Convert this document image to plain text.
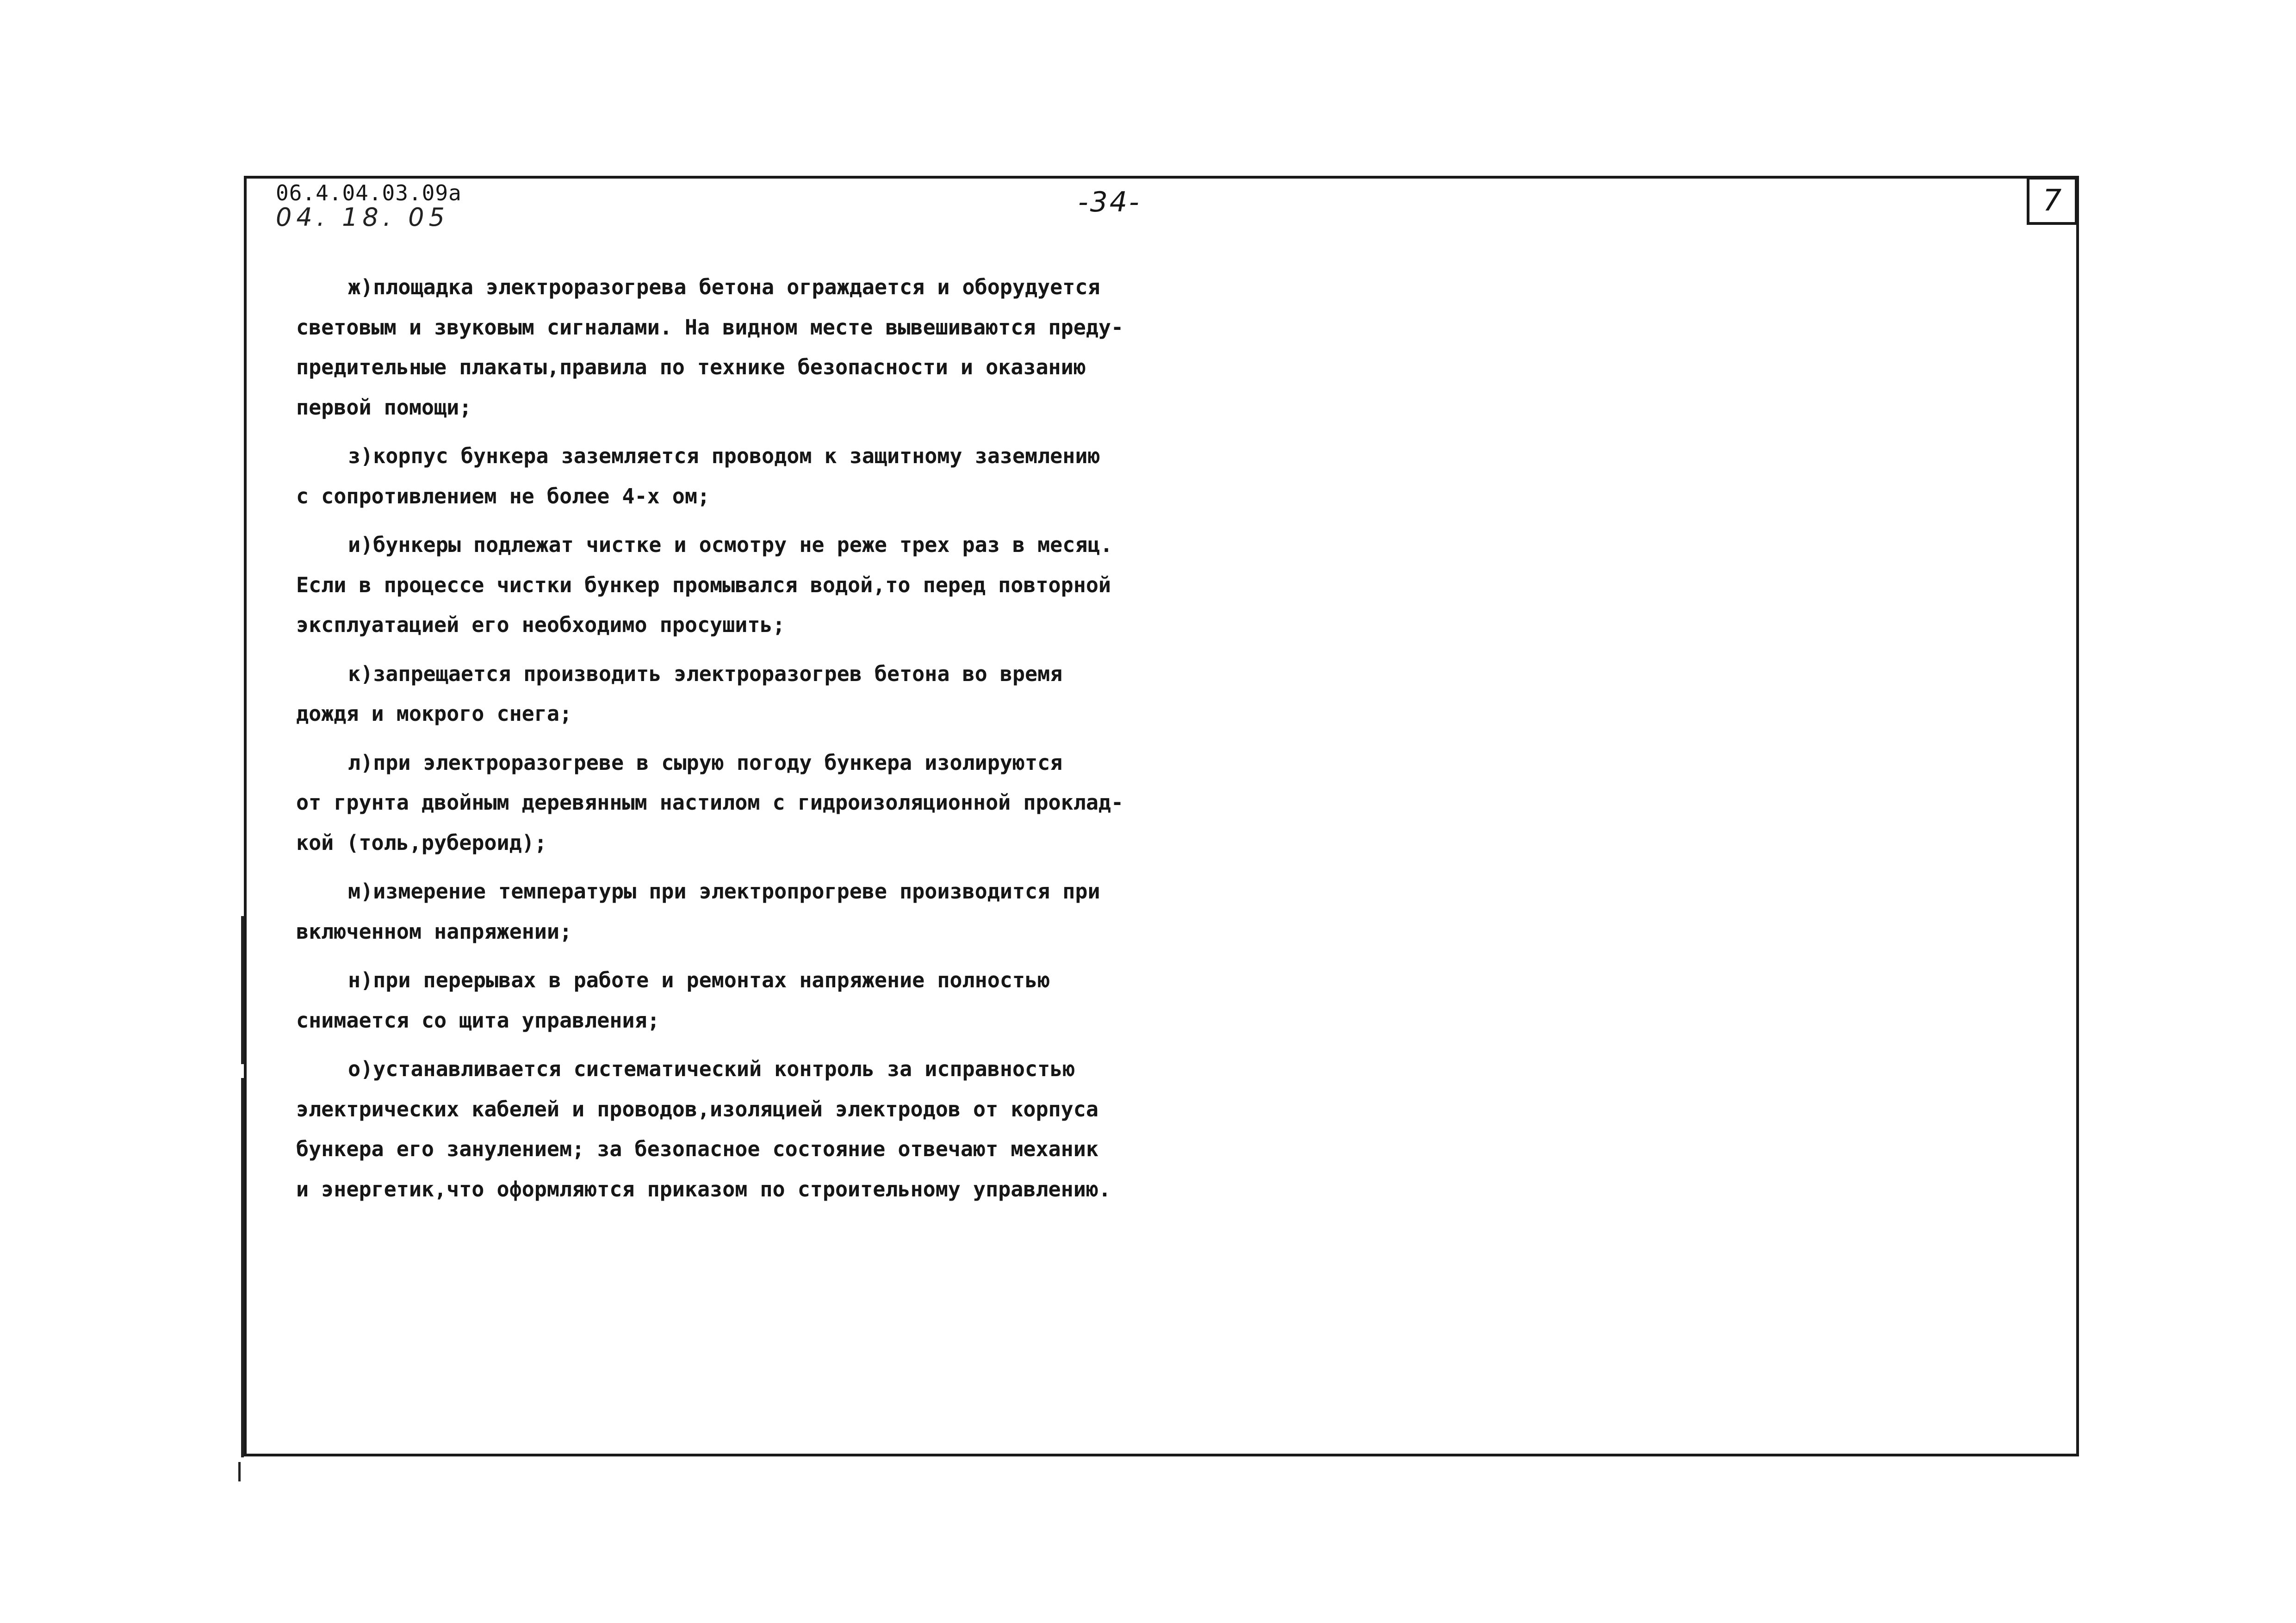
06.4.04.03.09а
04. 18. 05	-34-	7
ж)площадка электроразогрева бетона ограждается и оборудуется
световым и звуковым сигналами. На видном месте вывешиваются преду-
предительные плакаты,правила по технике безопасности и оказанию
первой помощи;
з)корпус бункера заземляется проводом к защитному заземлению
с сопротивлением не более 4-х ом;
и)бункеры подлежат чистке и осмотру не реже трех раз в месяц.
Если в процессе чистки бункер промывался водой,то перед повторной
эксплуатацией его необходимо просушить;
к)запрещается производить электроразогрев бетона во время
дождя и мокрого снега;
л)при электроразогреве в сырую погоду бункера изолируются
от грунта двойным деревянным настилом с гидроизоляционной проклад-
кой (толь,рубероид);
м)измерение температуры при электропрогреве производится при
включенном напряжении;
н)при перерывах в работе и ремонтах напряжение полностью
снимается со щита управления;
о)устанавливается систематический контроль за исправностью
электрических кабелей и проводов,изоляцией электродов от корпуса
бункера его занулением; за безопасное состояние отвечают механик
и энергетик,что оформляются приказом по строительному управлению.
